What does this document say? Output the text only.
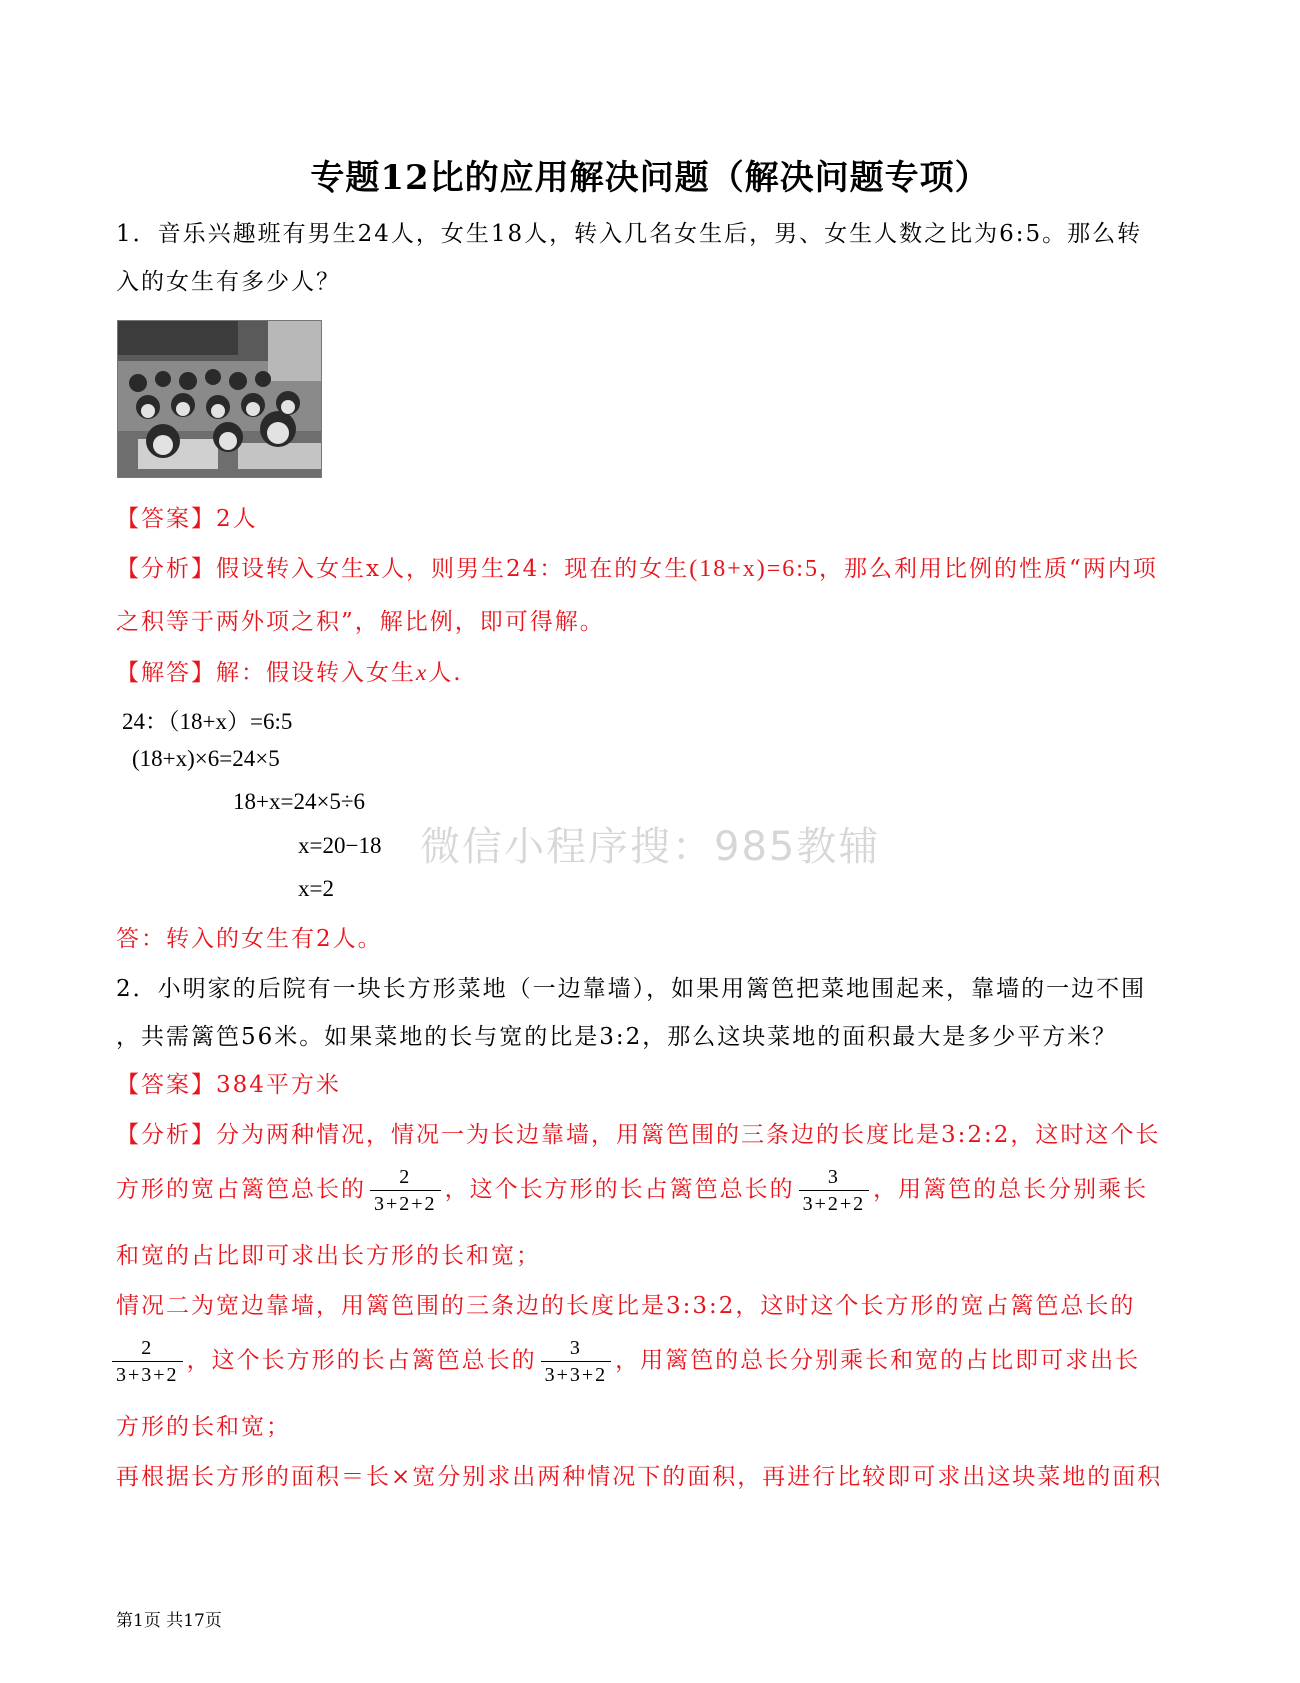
专题12比的应用解决问题（解决问题专项）
1．音乐兴趣班有男生24人，女生18人，转入几名女生后，男、女生人数之比为6:5。那么转
入的女生有多少人？
【答案】2人
【分析】假设转入女生x人，则男生24：现在的女生(18+x)=6:5，那么利用比例的性质“两内项
之积等于两外项之积”，解比例，即可得解。
【解答】解：假设转入女生x人.
24：（18+x）=6:5
(18+x)×6=24×5
18+x=24×5÷6
x=20−18
x=2
答：转入的女生有2人。
2．小明家的后院有一块长方形菜地（一边靠墙），如果用篱笆把菜地围起来，靠墙的一边不围
，共需篱笆56米。如果菜地的长与宽的比是3:2，那么这块菜地的面积最大是多少平方米？
【答案】384平方米
【分析】分为两种情况，情况一为长边靠墙，用篱笆围的三条边的长度比是3:2:2，这时这个长
方形的宽占篱笆总长的 $\frac{2}{3+2+2}$ ，这个长方形的长占篱笆总长的 $\frac{3}{3+2+2}$ ，用篱笆的总长分别乘长
和宽的占比即可求出长方形的长和宽；
情况二为宽边靠墙，用篱笆围的三条边的长度比是3:3:2，这时这个长方形的宽占篱笆总长的
$\frac{2}{3+3+2}$ ，这个长方形的长占篱笆总长的 $\frac{3}{3+3+2}$ ，用篱笆的总长分别乘长和宽的占比即可求出长
方形的长和宽；
再根据长方形的面积＝长×宽分别求出两种情况下的面积，再进行比较即可求出这块菜地的面积
微信小程序搜：985教辅
第1页 共17页
